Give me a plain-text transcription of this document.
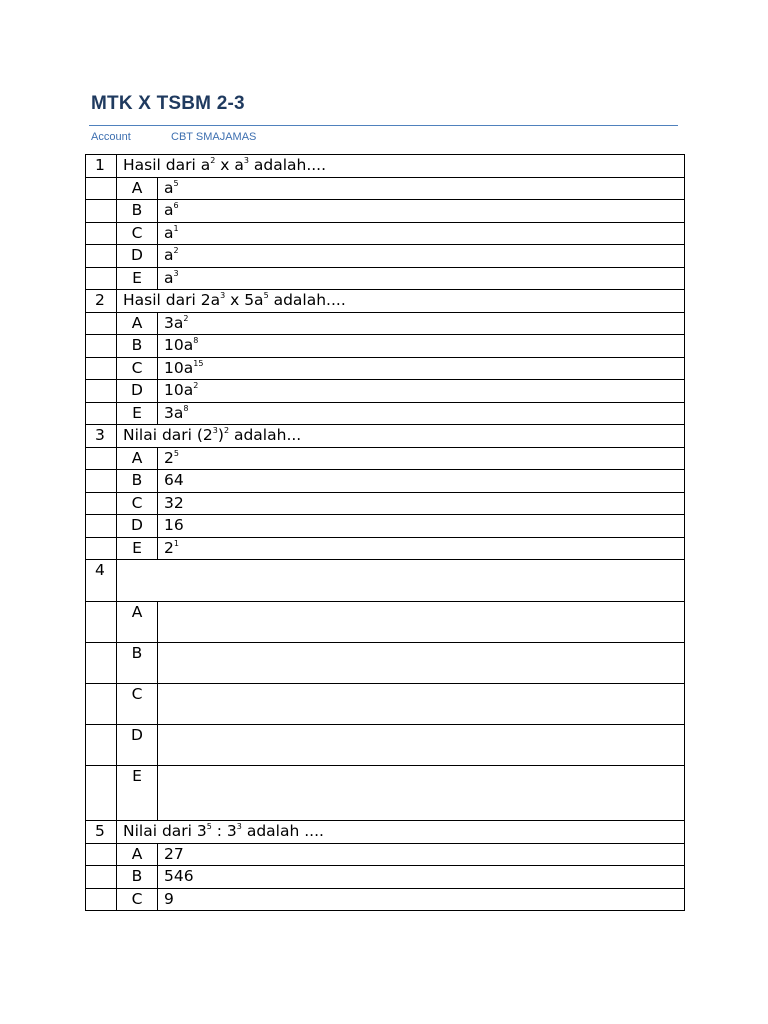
MTK X TSBM 2-3
Account	CBT SMAJAMAS
1	Hasil dari $a^2$ x $a^3$ adalah....	
	A	$a^5$
	B	$a^6$
	C	$a^1$
	D	$a^2$
	E	$a^3$
2	Hasil dari $2a^3$ x $5a^5$ adalah....	
	A	$3a^2$
	B	$10a^8$
	C	$10a^{15}$
	D	$10a^2$
	E	$3a^8$
3	Nilai dari $(2^3)^2$ adalah...	
	A	$2^5$
	B	64
	C	32
	D	16
	E	$2^1$
4		
	A	
	B	
	C	
	D	
	E	
5	Nilai dari $3^5$ : $3^3$ adalah ....	
	A	27
	B	546
	C	9
